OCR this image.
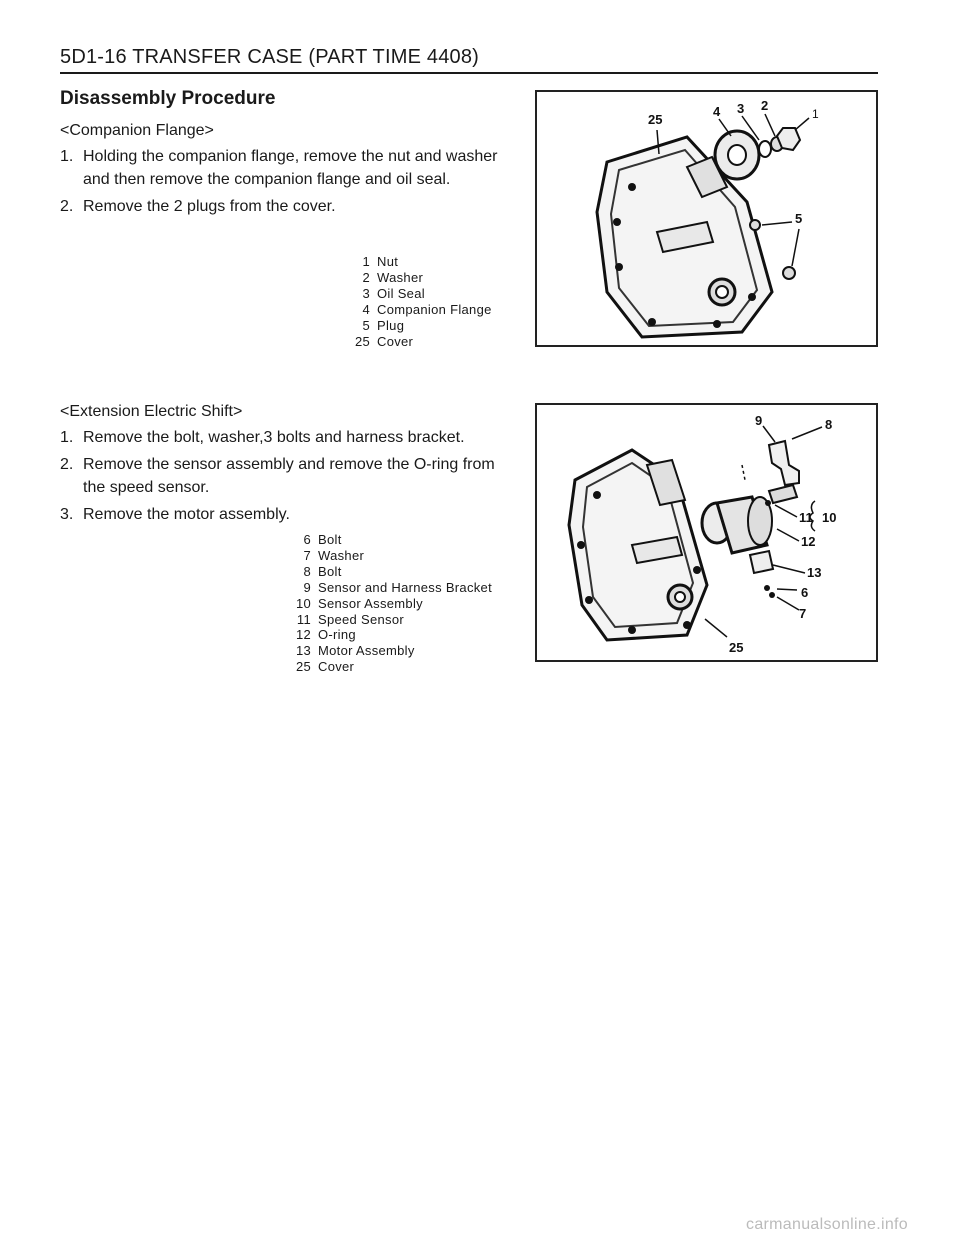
5D1-16 TRANSFER CASE (PART TIME 4408)
Disassembly Procedure
<Companion Flange>
1. Holding the companion flange, remove the nut and washer and then remove the companion flange and oil seal.
2. Remove the 2 plugs from the cover.
1 Nut
2 Washer
3 Oil Seal
4 Companion Flange
5 Plug
25 Cover
25
4 3 2
1
5
<Extension Electric Shift>
1. Remove the bolt, washer,3 bolts and harness bracket.
2. Remove the sensor assembly and remove the O-ring from the speed sensor.
3. Remove the motor assembly.
6 Bolt
7 Washer
8 Bolt
9 Sensor and Harness Bracket
10 Sensor Assembly
11 Speed Sensor
12 O-ring
13 Motor Assembly
25 Cover
9	8
11 10
12
13
6
7
25
carmanualsonline.info
